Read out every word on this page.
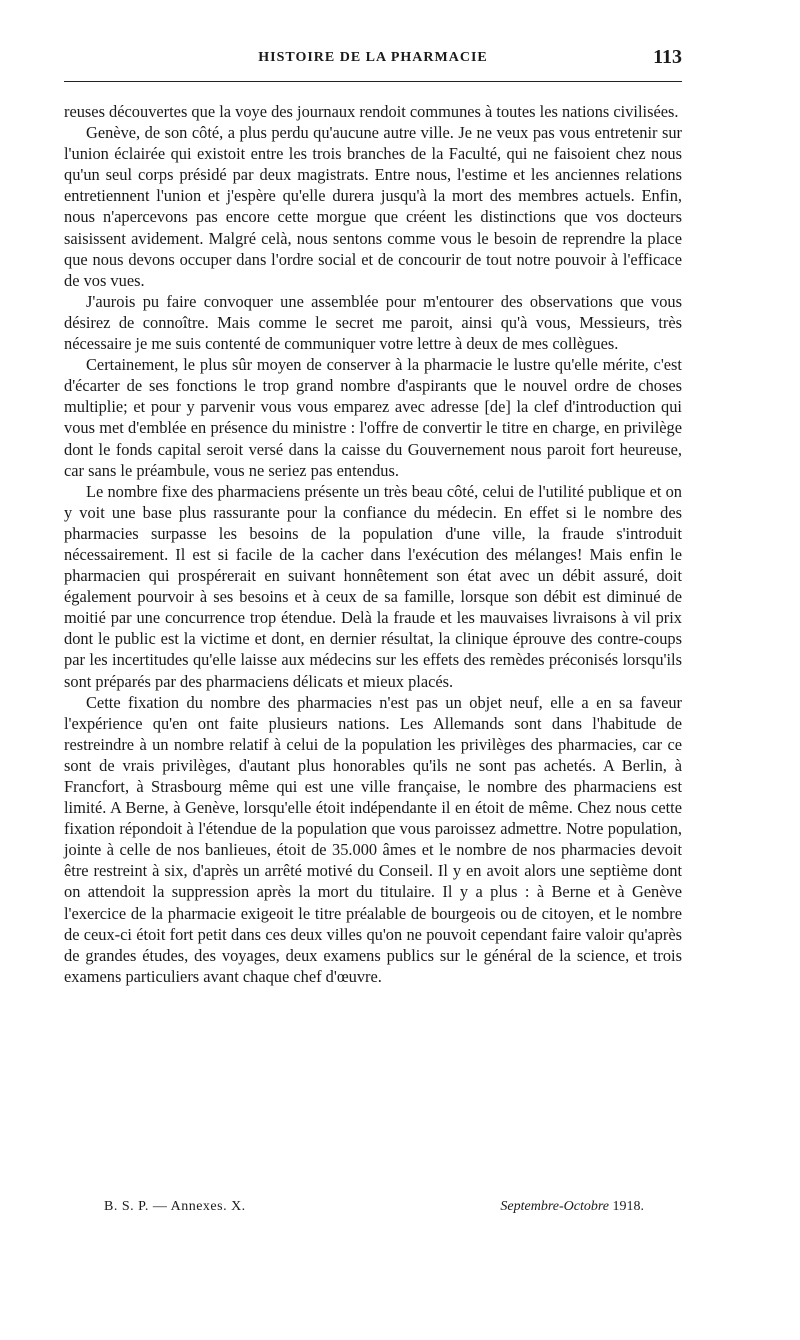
HISTOIRE DE LA PHARMACIE	113

reuses découvertes que la voye des journaux rendoit communes à toutes les nations civilisées.

Genève, de son côté, a plus perdu qu'aucune autre ville. Je ne veux pas vous entretenir sur l'union éclairée qui existoit entre les trois branches de la Faculté, qui ne faisoient chez nous qu'un seul corps présidé par deux magistrats. Entre nous, l'estime et les anciennes relations entretiennent l'union et j'espère qu'elle durera jusqu'à la mort des membres actuels. Enfin, nous n'apercevons pas encore cette morgue que créent les distinctions que vos docteurs saisissent avidement. Malgré celà, nous sentons comme vous le besoin de reprendre la place que nous devons occuper dans l'ordre social et de concourir de tout notre pouvoir à l'efficace de vos vues.

J'aurois pu faire convoquer une assemblée pour m'entourer des observations que vous désirez de connoître. Mais comme le secret me paroit, ainsi qu'à vous, Messieurs, très nécessaire je me suis contenté de communiquer votre lettre à deux de mes collègues.

Certainement, le plus sûr moyen de conserver à la pharmacie le lustre qu'elle mérite, c'est d'écarter de ses fonctions le trop grand nombre d'aspirants que le nouvel ordre de choses multiplie; et pour y parvenir vous vous emparez avec adresse [de] la clef d'introduction qui vous met d'emblée en présence du ministre : l'offre de convertir le titre en charge, en privilège dont le fonds capital seroit versé dans la caisse du Gouvernement nous paroit fort heureuse, car sans le préambule, vous ne seriez pas entendus.

Le nombre fixe des pharmaciens présente un très beau côté, celui de l'utilité publique et on y voit une base plus rassurante pour la confiance du médecin. En effet si le nombre des pharmacies surpasse les besoins de la population d'une ville, la fraude s'introduit nécessairement. Il est si facile de la cacher dans l'exécution des mélanges! Mais enfin le pharmacien qui prospérerait en suivant honnêtement son état avec un débit assuré, doit également pourvoir à ses besoins et à ceux de sa famille, lorsque son débit est diminué de moitié par une concurrence trop étendue. Delà la fraude et les mauvaises livraisons à vil prix dont le public est la victime et dont, en dernier résultat, la clinique éprouve des contre-coups par les incertitudes qu'elle laisse aux médecins sur les effets des remèdes préconisés lorsqu'ils sont préparés par des pharmaciens délicats et mieux placés.

Cette fixation du nombre des pharmacies n'est pas un objet neuf, elle a en sa faveur l'expérience qu'en ont faite plusieurs nations. Les Allemands sont dans l'habitude de restreindre à un nombre relatif à celui de la population les privilèges des pharmacies, car ce sont de vrais privilèges, d'autant plus honorables qu'ils ne sont pas achetés. A Berlin, à Francfort, à Strasbourg même qui est une ville française, le nombre des pharmaciens est limité. A Berne, à Genève, lorsqu'elle étoit indépendante il en étoit de même. Chez nous cette fixation répondoit à l'étendue de la population que vous paroissez admettre. Notre population, jointe à celle de nos banlieues, étoit de 35.000 âmes et le nombre de nos pharmacies devoit être restreint à six, d'après un arrêté motivé du Conseil. Il y en avoit alors une septième dont on attendoit la suppression après la mort du titulaire. Il y a plus : à Berne et à Genève l'exercice de la pharmacie exigeoit le titre préalable de bourgeois ou de citoyen, et le nombre de ceux-ci étoit fort petit dans ces deux villes qu'on ne pouvoit cependant faire valoir qu'après de grandes études, des voyages, deux examens publics sur le général de la science, et trois examens particuliers avant chaque chef d'œuvre.

B. S. P. — Annexes. X.	Septembre-Octobre 1918.
